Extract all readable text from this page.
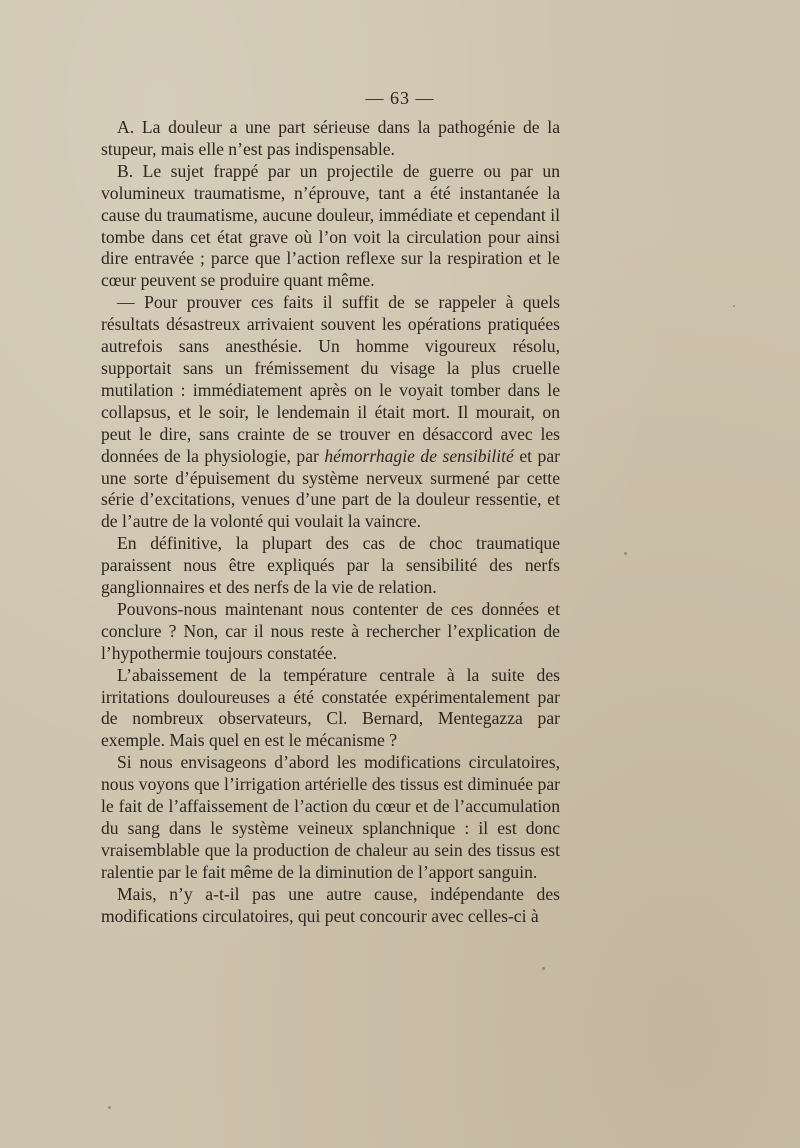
— 63 —

A. La douleur a une part sérieuse dans la pathogénie de la stupeur, mais elle n’est pas indispensable.

B. Le sujet frappé par un projectile de guerre ou par un volumineux traumatisme, n’éprouve, tant a été instantanée la cause du traumatisme, aucune douleur, immédiate et cependant il tombe dans cet état grave où l’on voit la circulation pour ainsi dire entravée ; parce que l’action reflexe sur la respiration et le cœur peuvent se produire quant même.

— Pour prouver ces faits il suffit de se rappeler à quels résultats désastreux arrivaient souvent les opérations pratiquées autrefois sans anesthésie. Un homme vigoureux résolu, supportait sans un frémissement du visage la plus cruelle mutilation : immédiatement après on le voyait tomber dans le collapsus, et le soir, le lendemain il était mort. Il mourait, on peut le dire, sans crainte de se trouver en désaccord avec les données de la physiologie, par hémorrhagie de sensibilité et par une sorte d’épuisement du système nerveux surmené par cette série d’excitations, venues d’une part de la douleur ressentie, et de l’autre de la volonté qui voulait la vaincre.

En définitive, la plupart des cas de choc traumatique paraissent nous être expliqués par la sensibilité des nerfs ganglionnaires et des nerfs de la vie de relation.

Pouvons-nous maintenant nous contenter de ces données et conclure ? Non, car il nous reste à rechercher l’explication de l’hypothermie toujours constatée.

L’abaissement de la température centrale à la suite des irritations douloureuses a été constatée expérimentalement par de nombreux observateurs, Cl. Bernard, Mentegazza par exemple. Mais quel en est le mécanisme ?

Si nous envisageons d’abord les modifications circulatoires, nous voyons que l’irrigation artérielle des tissus est diminuée par le fait de l’affaissement de l’action du cœur et de l’accumulation du sang dans le système veineux splanchnique : il est donc vraisemblable que la production de chaleur au sein des tissus est ralentie par le fait même de la diminution de l’apport sanguin.

Mais, n’y a-t-il pas une autre cause, indépendante des modifications circulatoires, qui peut concourir avec celles-ci à
